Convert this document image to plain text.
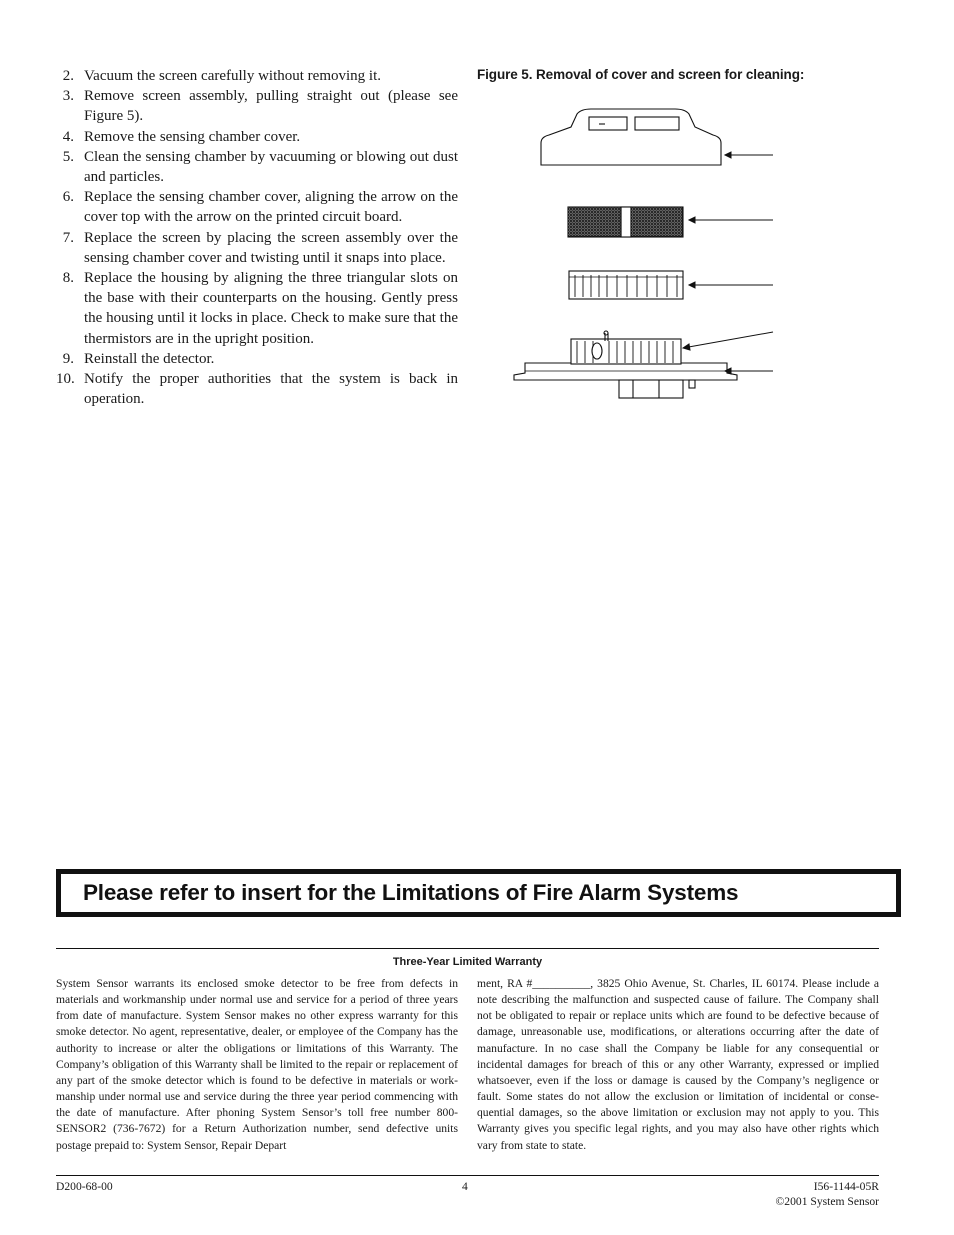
2. Vacuum the screen carefully without removing it.
3. Remove screen assembly, pulling straight out (please see Figure 5).
4. Remove the sensing chamber cover.
5. Clean the sensing chamber by vacuuming or blowing out dust and particles.
6. Replace the sensing chamber cover, aligning the arrow on the cover top with the arrow on the printed circuit board.
7. Replace the screen by placing the screen assembly over the sensing chamber cover and twisting until it snaps into place.
8. Replace the housing by aligning the three triangular slots on the base with their counterparts on the housing. Gently press the housing until it locks in place. Check to make sure that the thermistors are in the upright position.
9. Reinstall the detector.
10. Notify the proper authorities that the system is back in operation.
Figure 5. Removal of cover and screen for cleaning:
Please refer to insert for the Limitations of Fire Alarm Systems
Three-Year Limited Warranty
System Sensor warrants its enclosed smoke detector to be free from defects in materials and workmanship under normal use and service for a period of three years from date of manufacture. System Sensor makes no other express warranty for this smoke detector. No agent, representative, dealer, or employee of the Company has the authority to increase or alter the obligations or limitations of this Warranty. The Company’s obligation of this Warranty shall be limited to the repair or replacement of any part of the smoke detector which is found to be defective in materials or workmanship under normal use and service during the three year period commencing with the date of manufacture. After phoning System Sensor’s toll free number 800-SENSOR2 (736-7672) for a Return Authorization number, send defective units postage prepaid to: System Sensor, Repair Depart
ment, RA #__________, 3825 Ohio Avenue, St. Charles, IL 60174. Please include a note describing the malfunction and suspected cause of failure. The Company shall not be obligated to repair or replace units which are found to be defective because of damage, unreasonable use, modifications, or alterations occurring after the date of manufacture. In no case shall the Company be liable for any consequential or incidental damages for breach of this or any other Warranty, expressed or implied whatsoever, even if the loss or damage is caused by the Company’s negligence or fault. Some states do not allow the exclusion or limitation of incidental or consequential damages, so the above limitation or exclusion may not apply to you. This Warranty gives you specific legal rights, and you may also have other rights which vary from state to state.
D200-68-00	4	I56-1144-05R
©2001 System Sensor
